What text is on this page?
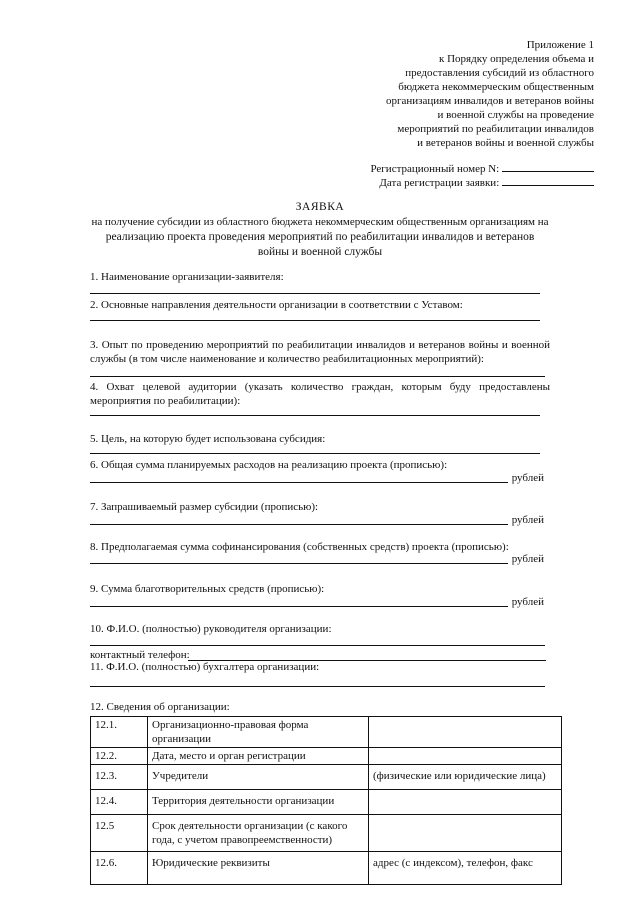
Приложение 1
к Порядку определения объема и
предоставления субсидий из областного
бюджета некоммерческим общественным
организациям инвалидов и ветеранов войны
и военной службы на проведение
мероприятий по реабилитации инвалидов
и ветеранов войны и военной службы
Регистрационный номер N:
Дата регистрации заявки:
ЗАЯВКА
на получение субсидии из областного бюджета некоммерческим общественным организациям на
реализацию проекта проведения мероприятий по реабилитации инвалидов и ветеранов
войны и военной службы
1. Наименование организации-заявителя:
2. Основные направления деятельности организации в соответствии с Уставом:
3. Опыт по проведению мероприятий по реабилитации инвалидов и ветеранов войны и военной службы (в том числе наименование и количество реабилитационных мероприятий):
4. Охват целевой аудитории (указать количество граждан, которым буду предоставлены мероприятия по реабилитации):
5. Цель, на которую будет использована субсидия:
6. Общая сумма планируемых расходов на реализацию проекта (прописью):
рублей
7. Запрашиваемый размер субсидии (прописью):
рублей
8. Предполагаемая сумма софинансирования (собственных средств) проекта (прописью):
рублей
9. Сумма благотворительных средств (прописью):
рублей
10. Ф.И.О. (полностью) руководителя организации:
контактный телефон:
11. Ф.И.О. (полностью) бухгалтера организации:
12. Сведения об организации:
12.1.	Организационно-правовая форма организации	
12.2.	Дата, место и орган регистрации	
12.3.	Учредители	(физические или юридические лица)
12.4.	Территория деятельности организации	
12.5	Срок деятельности организации (с какого года, с учетом правопреемственности)	
12.6.	Юридические реквизиты	адрес (с индексом), телефон, факс
